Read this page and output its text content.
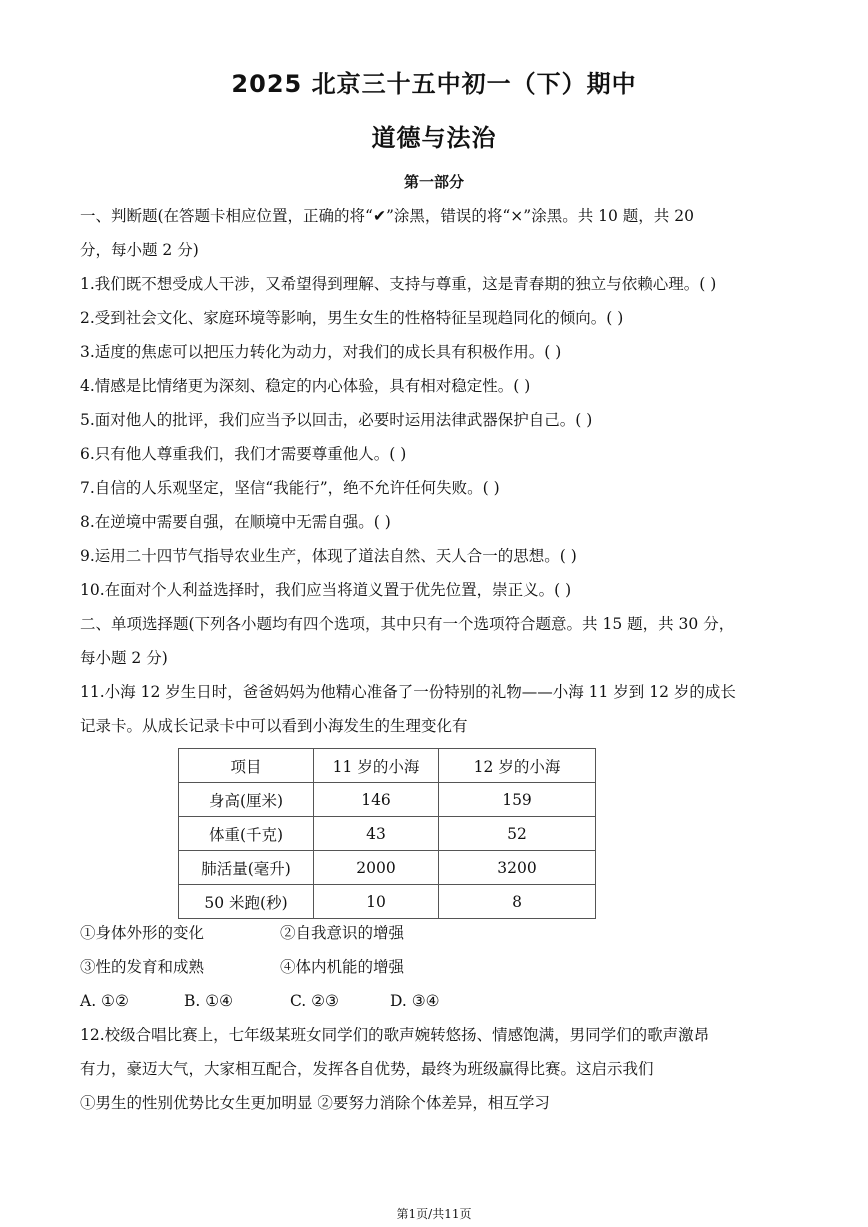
2025 北京三十五中初一（下）期中
道德与法治
第一部分
一、判断题(在答题卡相应位置，正确的将“✔”涂黑，错误的将“×”涂黑。共 10 题，共 20
分，每小题 2 分)
1.我们既不想受成人干涉，又希望得到理解、支持与尊重，这是青春期的独立与依赖心理。( )
2.受到社会文化、家庭环境等影响，男生女生的性格特征呈现趋同化的倾向。( )
3.适度的焦虑可以把压力转化为动力，对我们的成长具有积极作用。( )
4.情感是比情绪更为深刻、稳定的内心体验，具有相对稳定性。( )
5.面对他人的批评，我们应当予以回击，必要时运用法律武器保护自己。( )
6.只有他人尊重我们，我们才需要尊重他人。( )
7.自信的人乐观坚定，坚信“我能行”，绝不允许任何失败。( )
8.在逆境中需要自强，在顺境中无需自强。( )
9.运用二十四节气指导农业生产，体现了道法自然、天人合一的思想。( )
10.在面对个人利益选择时，我们应当将道义置于优先位置，崇正义。( )
二、单项选择题(下列各小题均有四个选项，其中只有一个选项符合题意。共 15 题，共 30 分，
每小题 2 分)
11.小海 12 岁生日时，爸爸妈妈为他精心准备了一份特别的礼物——小海 11 岁到 12 岁的成长
记录卡。从成长记录卡中可以看到小海发生的生理变化有
项目	11 岁的小海	12 岁的小海
身高(厘米)	146	159
体重(千克)	43	52
肺活量(毫升)	2000	3200
50 米跑(秒)	10	8
①身体外形的变化	②自我意识的增强
③性的发育和成熟	④体内机能的增强
A. ①②	B. ①④	C. ②③	D. ③④
12.校级合唱比赛上，七年级某班女同学们的歌声婉转悠扬、情感饱满，男同学们的歌声激昂
有力，豪迈大气，大家相互配合，发挥各自优势，最终为班级赢得比赛。这启示我们
①男生的性别优势比女生更加明显 ②要努力消除个体差异，相互学习
第1页/共11页
